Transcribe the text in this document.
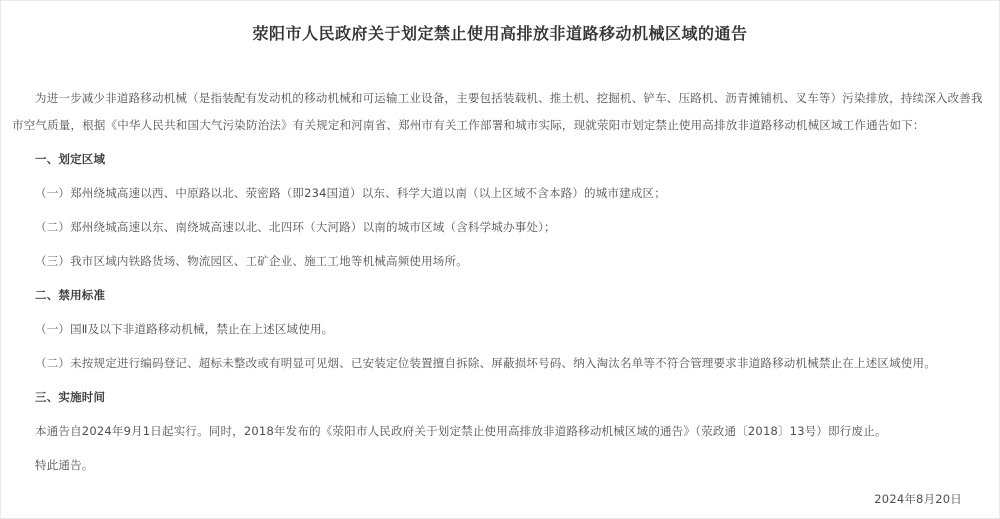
荥阳市人民政府关于划定禁止使用高排放非道路移动机械区域的通告

为进一步减少非道路移动机械（是指装配有发动机的移动机械和可运输工业设备，主要包括装载机、推土机、挖掘机、铲车、压路机、沥青摊铺机、叉车等）污染排放，持续深入改善我市空气质量，根据《中华人民共和国大气污染防治法》有关规定和河南省、郑州市有关工作部署和城市实际，现就荥阳市划定禁止使用高排放非道路移动机械区域工作通告如下：

一、划定区域

（一）郑州绕城高速以西、中原路以北、荥密路（即234国道）以东、科学大道以南（以上区域不含本路）的城市建成区；

（二）郑州绕城高速以东、南绕城高速以北、北四环（大河路）以南的城市区域（含科学城办事处）；

（三）我市区域内铁路货场、物流园区、工矿企业、施工工地等机械高频使用场所。

二、禁用标准

（一）国Ⅱ及以下非道路移动机械，禁止在上述区域使用。

（二）未按规定进行编码登记、超标未整改或有明显可见烟、已安装定位装置擅自拆除、屏蔽损坏号码、纳入淘汰名单等不符合管理要求非道路移动机械禁止在上述区域使用。

三、实施时间

本通告自2024年9月1日起实行。同时，2018年发布的《荥阳市人民政府关于划定禁止使用高排放非道路移动机械区域的通告》（荥政通〔2018〕13号）即行废止。

特此通告。

2024年8月20日
